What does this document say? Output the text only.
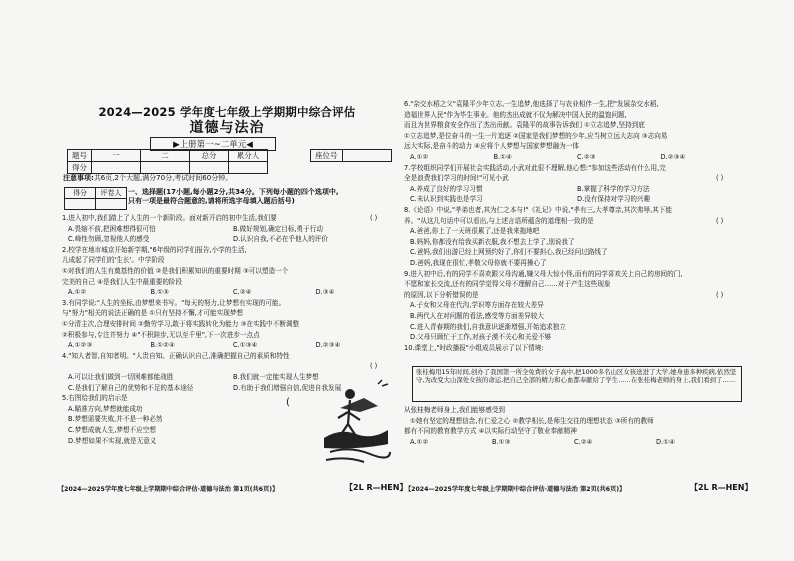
2024—2025 学年度七年级上学期期中综合评估
道德与法治
▶上册第一~二单元◀
题号	一	二	总分	累分人
得分				
座位号	
注意事项:共6页,2个大题,满分70分,考试时间60分钟。
得分	评卷人
	一、选择题(17小题,每小题2分,共34分。下列每小题的四个选项中,
只有一项是最符合题意的,请将所选字母填入题后括号)
1.进入初中,我们踏上了人生的一个新阶段。面对新开启的初中生活,我们要	( )
A.畏缩不前,把困难想得很可怕	B.做好规划,确定目标,勇于行动
C.峰性勿顾,忽视他人的感受	D.认识自我,不必在乎他人的评价
2.校学在地市城京开始新学期,"6年级的同学们报告,小学的生活,
儿成起了同学们的'生长'。中学阶段
①对我们的人生有奠基性的价值 ②是我们积累知识的重要时期 ③可以塑造一个
完美的自己 ④是我们人生中最重要的阶段
A.①②	B.①③	C.②④	D.③④
3.有同学说:"人生的坐标,由梦想来书写。"每天的努力,让梦想有实现的可能。
与"努力"相关的说法正确的是 ①只有坚持不懈,才可能实现梦想
①分清主次,合理安排时间 ②勤劳学习,敢于将实践转化为能力 ③在实践中不断调整
②积极参与,专注并努力 ④"不积跬步,无以至千里",下一次进步一点点
A.①②③	B.①②④	C.①③④	D.②③④
4."知人者智,自知者明。"人贵自知。正确认识自己,准确把握自己的素质和特性
( )
A.可以让我们做到一切困难都能战胜	B.我们就一定能实现人生梦想
C.是我们了解自己的优势和不足的基本途径	D.有助于我们增强自信,促进自我发展
5.右图给我们的启示是
A.瞄准方向,梦想就能成功
B.梦想需要失败,并不是一种必然
C.梦想成就人生,梦想不应空想
D.梦想如果不实现,就是无意义
6."杂交水稻之父"袁隆平少年立志,一生追梦,他选择了与农业相伴一生,把"发展杂交水稻,
造福世界人民"作为毕生事业。他的杰出成就不仅为解决中国人民的温饱问题,
而且为世界粮食安全作出了杰出贡献。袁隆平的故事告诉我们 ①立志追梦,坚持到底
①立志追梦,是位奋斗的一生一片追逐 ②国家是我们梦想的少年,应当树立远大志向 ③志向易
远大实际,是奋斗的动力 ④应将个人梦想与国家梦想融为一体
A.①②	B.①④	C.②③	D.②③④
7.学校组织同学们开展社会实践活动,小武对此很不理解,他心想:"参加这些活动有什么用,完
全是浪费我们学习的时间!"可见小武	( )
A.养成了良好的学习习惯	B.掌握了科学的学习方法
C.未认识到实践也是学习	D.没有保持对学习的兴趣
8.《论语》中说,"孝弟也者,其为仁之本与!"《礼记》中说,"孝有三,大孝尊亲,其次弗辱,其下能
养。"从这几句话中可以看出,与上述言语所蕴含的道理相一致的是	( )
A.爸爸,你上了一天班很累了,还是我来拖地吧
B.妈妈,你都没有给我买新衣服,我不想去上学了,别说我了
C.爸妈,我们出游已经上网预约好了,你们不要担心,我已经问过路线了
D.爸妈,我现在很忙,孝敬父母你就不要再操心了
9.进入初中后,有的同学不喜欢跟父母沟通,嫌父母大惊小怪,而有的同学喜欢关上自己的房间的门,
不愿和家长交流,还有的同学觉得父母不理解自己……对于产生这些现象
的原因,以下分析错误的是	( )
A.子女和父母在代沟,学识等方面存在较大差异
B.两代人在对问题的看法,感受等方面差异较大
C.进入青春期的我们,自我意识逐渐增强,开始追求独立
D.父母只顾忙于工作,对孩子漠不关心和关爱不够
10.课堂上,"时政播报"小组成员展示了以下情境:
(
张桂梅用15年时间,创办了我国第一所全免费的女子高中,把1000多名山区女孩送进了大学,她身患多种疾病,依然坚守,为改变大山深处女孩的命运,把自己全部的精力和心血都奉献给了学生……在张桂梅老师的身上,我们看到了……
从张桂梅老师身上,我们能够感受到
①她有坚定的理想信念,有仁爱之心 ②教学相长,是师生交往的理想状态 ③所有的教师
都有不同的教育教学方式 ④以实际行动坚守了敬业奉献精神
A.①②	B.①③	C.②④	D.①④
【2024—2025学年度七年级上学期期中综合评估·道德与法治 第1页(共6页)】	【2L R—HEN】
【2024—2025学年度七年级上学期期中综合评估·道德与法治 第2页(共6页)】	【2L R—HEN】
